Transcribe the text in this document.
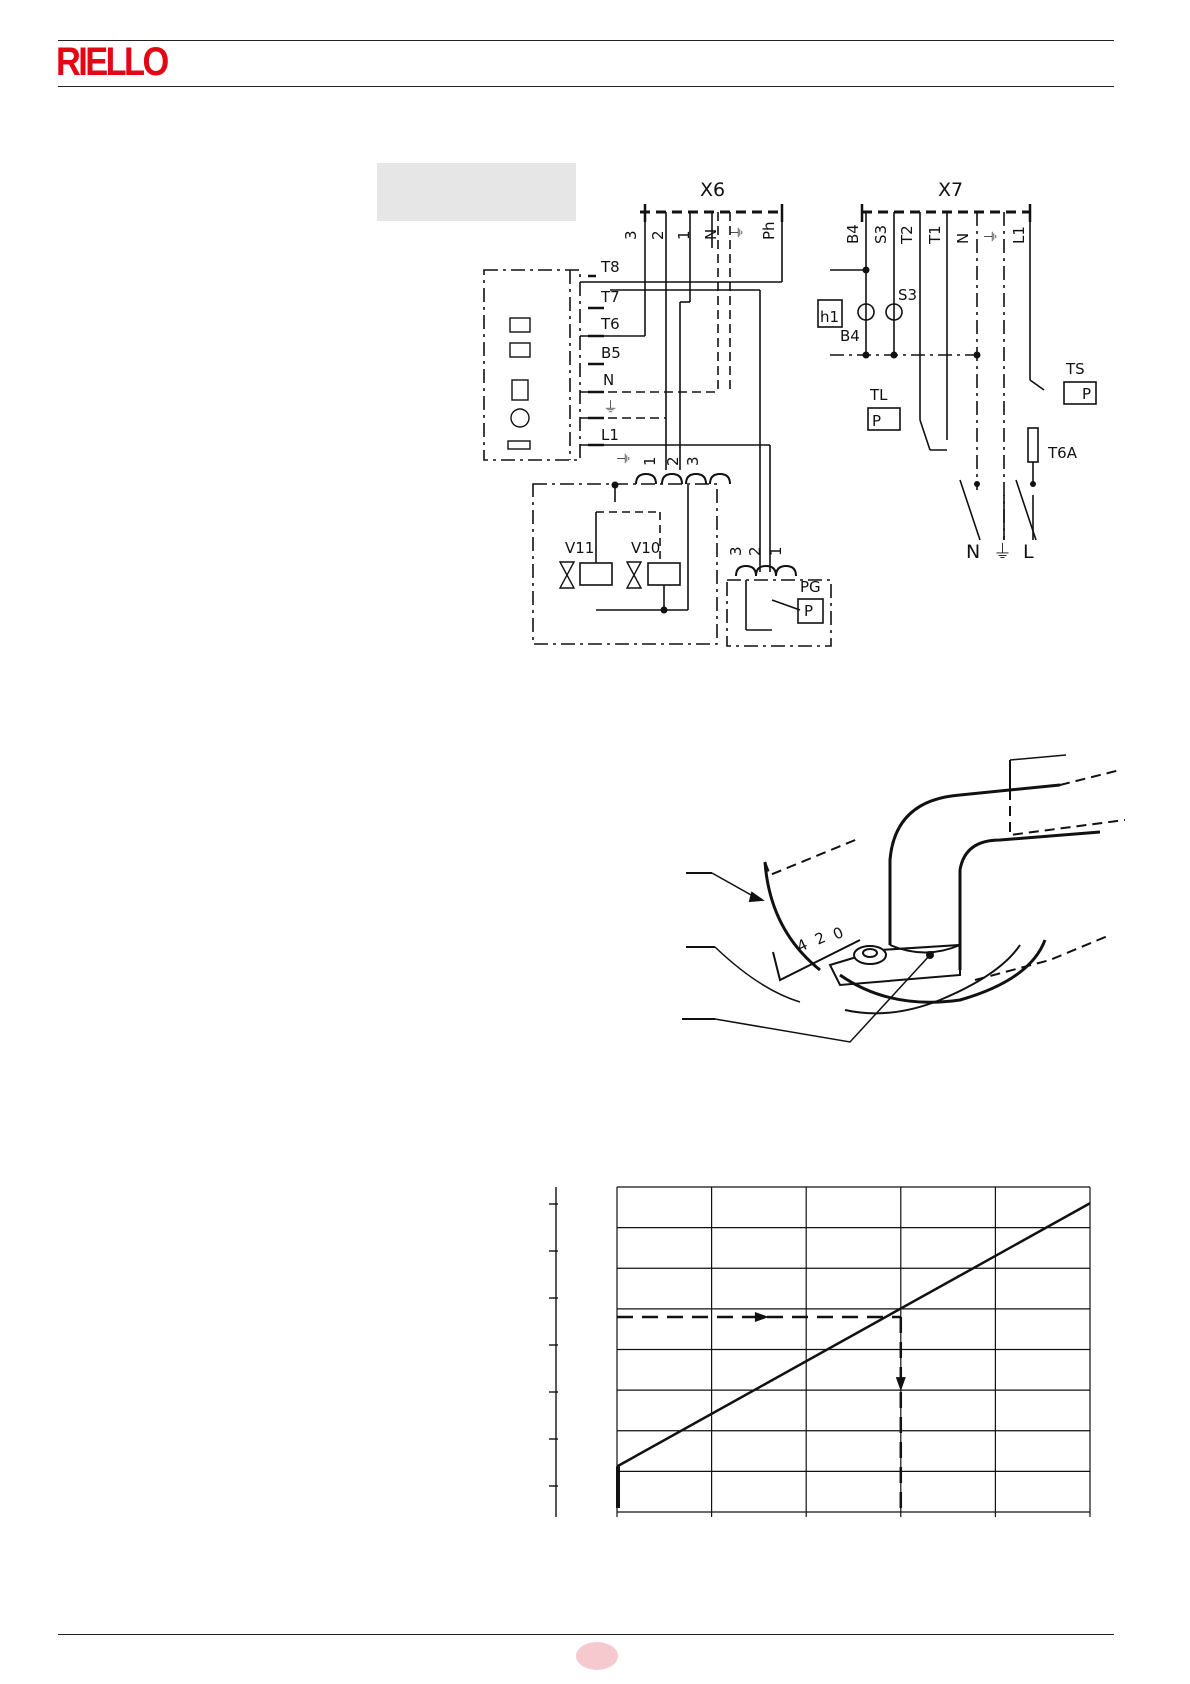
RIELLO
X6	X7
3 2 1 N ⏚ Ph	B4 S3 T2 T1 N ⏚ L1
T8
T7
T6
B5
N
⏚
L1
⏚ 1 2 3
V11 V10	3 2 1
PG
P
h1
B4
S3
TL
P
TS
P
T6A
N ⏚ L
4 2 0
